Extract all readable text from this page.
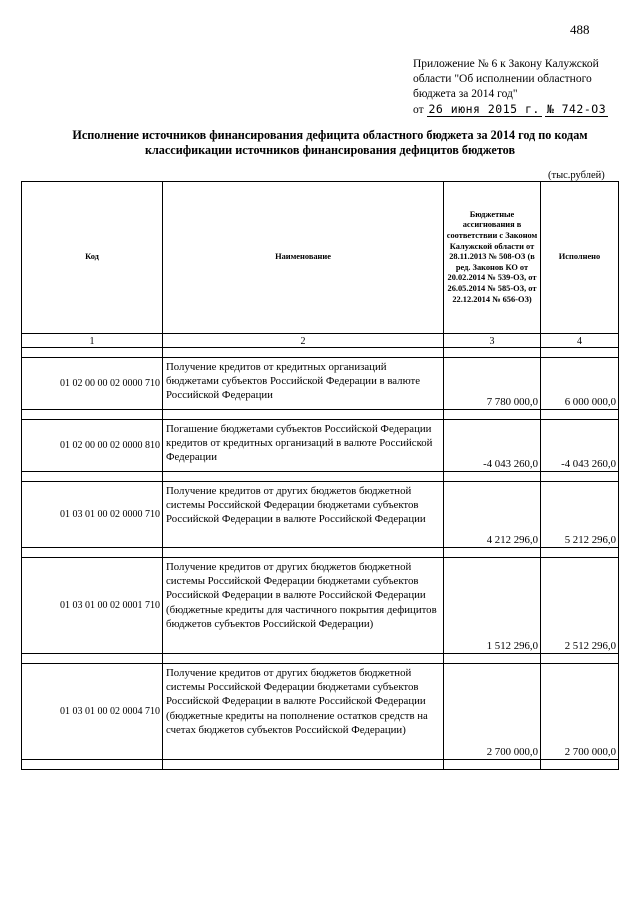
488
Приложение № 6 к Закону Калужской
области "Об исполнении областного
бюджета за 2014 год"
от 26 июня 2015 г. № 742-ОЗ
Исполнение источников финансирования дефицита областного бюджета за 2014 год по кодам
классификации источников финансирования дефицитов бюджетов
(тыс.рублей)
Код	Наименование	Бюджетные ассигнования в соответствии с Законом Калужской области от 28.11.2013 № 508-ОЗ (в ред. Законов КО от 20.02.2014 № 539-ОЗ, от 26.05.2014 № 585-ОЗ, от 22.12.2014 № 656-ОЗ)	Исполнено
1	2	3	4

01 02 00 00 02 0000 710	Получение кредитов от кредитных организаций бюджетами субъектов Российской Федерации в валюте Российской Федерации	7 780 000,0	6 000 000,0

01 02 00 00 02 0000 810	Погашение бюджетами субъектов Российской Федерации кредитов от кредитных организаций в валюте Российской Федерации	-4 043 260,0	-4 043 260,0

01 03 01 00 02 0000 710	Получение кредитов от других бюджетов бюджетной системы Российской Федерации бюджетами субъектов Российской Федерации в валюте Российской Федерации	4 212 296,0	5 212 296,0

01 03 01 00 02 0001 710	Получение кредитов от других бюджетов бюджетной системы Российской Федерации бюджетами субъектов Российской Федерации в валюте Российской Федерации (бюджетные кредиты для частичного покрытия дефицитов бюджетов субъектов Российской Федерации)	1 512 296,0	2 512 296,0

01 03 01 00 02 0004 710	Получение кредитов от других бюджетов бюджетной системы Российской Федерации бюджетами субъектов Российской Федерации в валюте Российской Федерации (бюджетные кредиты на пополнение остатков средств на счетах бюджетов субъектов Российской Федерации)	2 700 000,0	2 700 000,0
